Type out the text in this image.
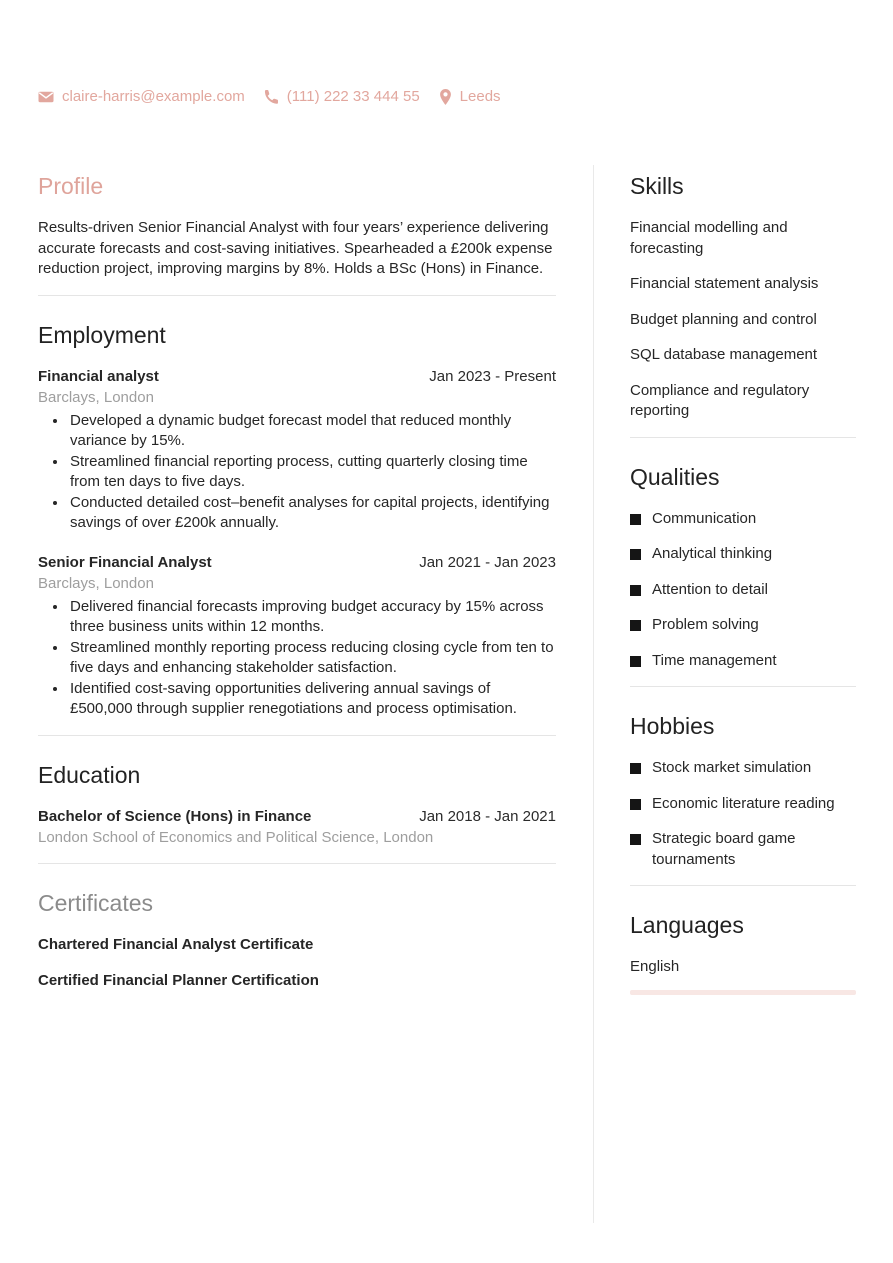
claire-harris@example.com	(111) 222 33 444 55	Leeds
Profile

Results-driven Senior Financial Analyst with four years’ experience delivering accurate forecasts and cost-saving initiatives. Spearheaded a £200k expense reduction project, improving margins by 8%. Holds a BSc (Hons) in Finance.

Employment
Financial analyst	Jan 2023 - Present
Barclays, London
• Developed a dynamic budget forecast model that reduced monthly variance by 15%.
• Streamlined financial reporting process, cutting quarterly closing time from ten days to five days.
• Conducted detailed cost–benefit analyses for capital projects, identifying savings of over £200k annually.
Senior Financial Analyst	Jan 2021 - Jan 2023
Barclays, London
• Delivered financial forecasts improving budget accuracy by 15% across three business units within 12 months.
• Streamlined monthly reporting process reducing closing cycle from ten to five days and enhancing stakeholder satisfaction.
• Identified cost-saving opportunities delivering annual savings of £500,000 through supplier renegotiations and process optimisation.
Education
Bachelor of Science (Hons) in Finance	Jan 2018 - Jan 2021
London School of Economics and Political Science, London
Certificates
Chartered Financial Analyst Certificate
Certified Financial Planner Certification
Skills
Financial modelling and forecasting
Financial statement analysis
Budget planning and control
SQL database management
Compliance and regulatory reporting
Qualities
Communication
Analytical thinking
Attention to detail
Problem solving
Time management
Hobbies
Stock market simulation
Economic literature reading
Strategic board game tournaments
Languages

English
